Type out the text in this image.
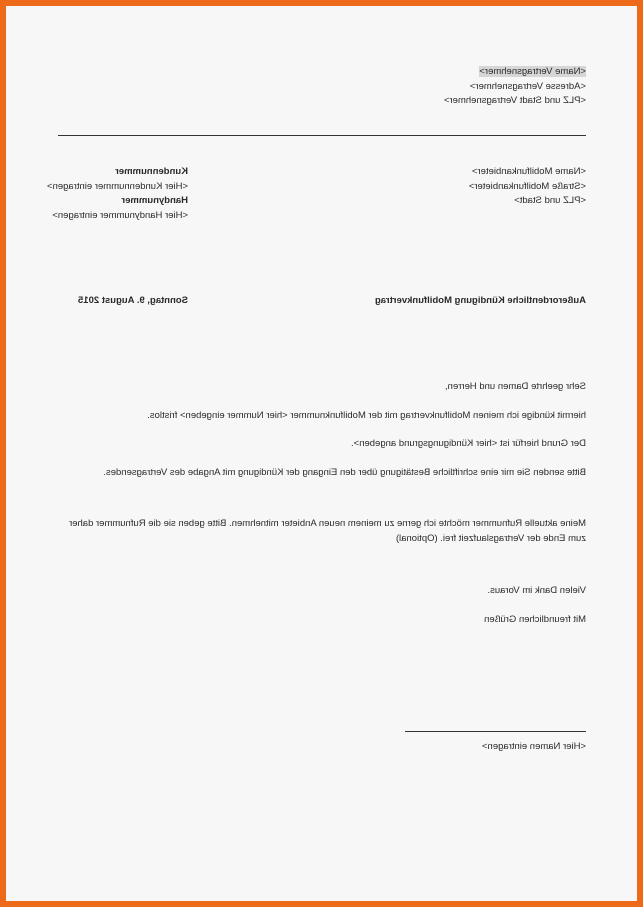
<Name Vertragsnehmer>
<Adresse Vertragsnehmer>
<PLZ und Stadt Vertragsnehmer>
<Name Mobilfunkanbieter>
<Straße Mobilfunkanbieter>
<PLZ und Stadt>
Kundennummer
<Hier Kundennummer eintragen>
Handynummer
<Hier Handynummer eintragen>
Außerordentliche Kündigung Mobilfunkvertrag
Sonntag, 9. August 2015

Sehr geehrte Damen und Herren,

hiermit kündige ich meinen Mobilfunkvertrag mit der Mobilfunknummer <hier Nummer eingeben> fristlos.

Der Grund hierfür ist <hier Kündigungsgrund angeben>.

Bitte senden Sie mir eine schriftliche Bestätigung über den Eingang der Kündigung mit Angabe des Vertragsendes.

Meine aktuelle Rufnummer möchte ich gerne zu meinem neuen Anbieter mitnehmen. Bitte geben sie die Rufnummer daher zum Ende der Vertragslaufzeit frei. (Optional)

Vielen Dank im Voraus.

Mit freundlichen Grüßen

<Hier Namen eintragen>
